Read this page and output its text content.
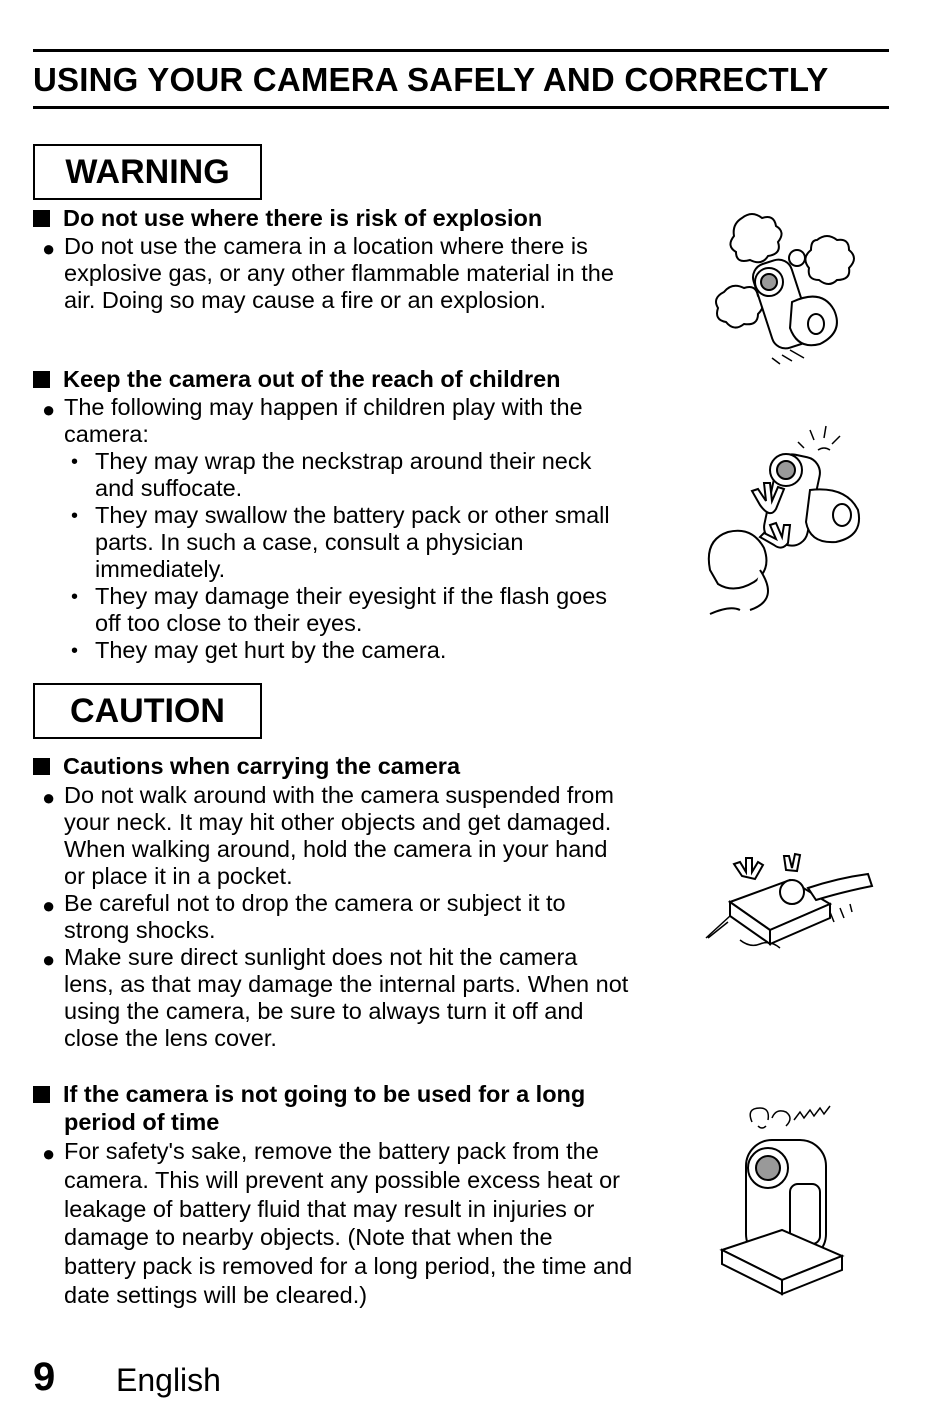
USING YOUR CAMERA SAFELY AND CORRECTLY
WARNING
Do not use where there is risk of explosion
● Do not use the camera in a location where there is
explosive gas, or any other flammable material in the
air. Doing so may cause a fire or an explosion.
Keep the camera out of the reach of children
● The following may happen if children play with the
camera:
• They may wrap the neckstrap around their neck
and suffocate.
• They may swallow the battery pack or other small
parts. In such a case, consult a physician
immediately.
• They may damage their eyesight if the flash goes
off too close to their eyes.
• They may get hurt by the camera.
CAUTION
Cautions when carrying the camera
● Do not walk around with the camera suspended from
your neck. It may hit other objects and get damaged.
When walking around, hold the camera in your hand
or place it in a pocket.
● Be careful not to drop the camera or subject it to
strong shocks.
● Make sure direct sunlight does not hit the camera
lens, as that may damage the internal parts. When not
using the camera, be sure to always turn it off and
close the lens cover.
If the camera is not going to be used for a long
period of time
● For safety's sake, remove the battery pack from the
camera. This will prevent any possible excess heat or
leakage of battery fluid that may result in injuries or
damage to nearby objects. (Note that when the
battery pack is removed for a long period, the time and
date settings will be cleared.)
9 English
